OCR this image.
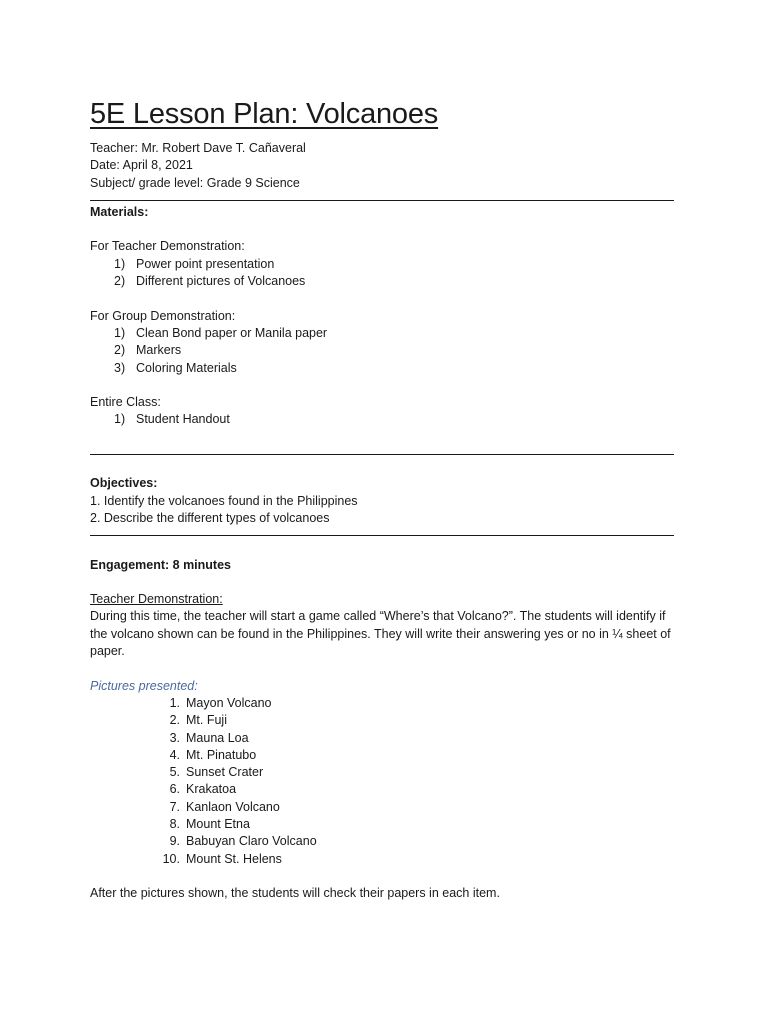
5E Lesson Plan: Volcanoes
Teacher: Mr. Robert Dave T. Cañaveral
Date: April 8, 2021
Subject/ grade level: Grade 9 Science
Materials:
For Teacher Demonstration:
1) Power point presentation
2) Different pictures of Volcanoes
For Group Demonstration:
1) Clean Bond paper or Manila paper
2) Markers
3) Coloring Materials
Entire Class:
1) Student Handout
Objectives:
1. Identify the volcanoes found in the Philippines
2. Describe the different types of volcanoes
Engagement: 8 minutes
Teacher Demonstration:
During this time, the teacher will start a game called “Where’s that Volcano?”. The students will identify if the volcano shown can be found in the Philippines. They will write their answering yes or no in ¼ sheet of paper.
Pictures presented:
1. Mayon Volcano
2. Mt. Fuji
3. Mauna Loa
4. Mt. Pinatubo
5. Sunset Crater
6. Krakatoa
7. Kanlaon Volcano
8. Mount Etna
9. Babuyan Claro Volcano
10. Mount St. Helens
After the pictures shown, the students will check their papers in each item.
